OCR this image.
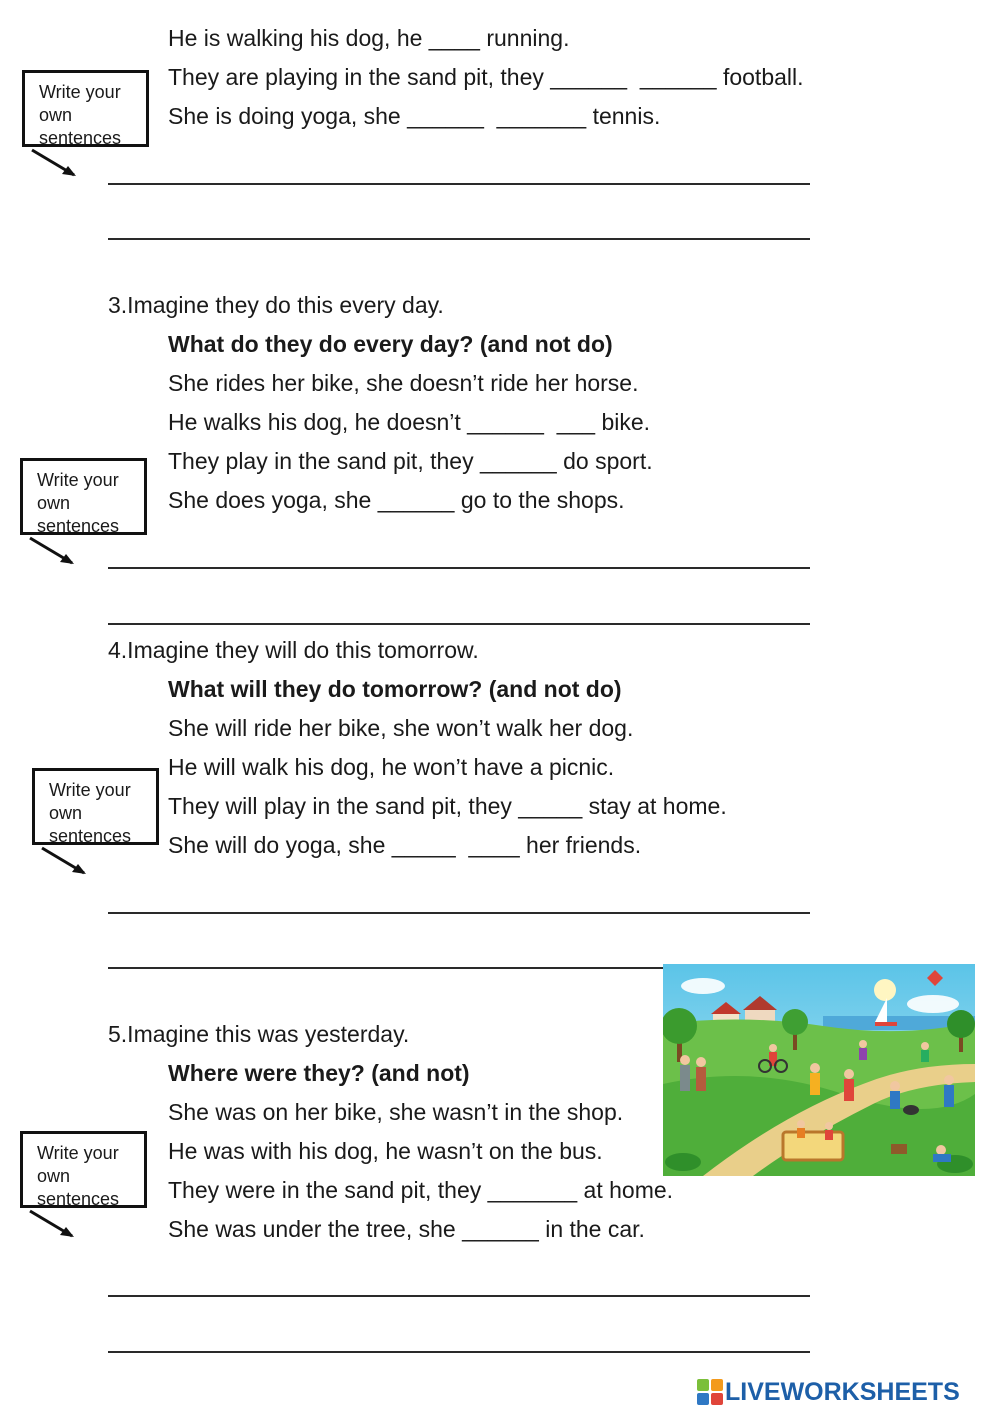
He is walking his dog, he ____ running.
They are playing in the sand pit, they ______  ______ football.
She is doing yoga, she ______  _______ tennis.
Write your
own
sentences
3.Imagine they do this every day.
What do they do every day? (and not do)
She rides her bike, she doesn’t ride her horse.
He walks his dog, he doesn’t ______  ___ bike.
They play in the sand pit, they ______ do sport.
She does yoga, she ______ go to the shops.
Write your
own
sentences
4.Imagine they will do this tomorrow.
What will they do tomorrow? (and not do)
She will ride her bike, she won’t walk her dog.
He will walk his dog, he won’t have a picnic.
They will play in the sand pit, they _____ stay at home.
She will do yoga, she _____  ____ her friends.
Write your
own
sentences
5.Imagine this was yesterday.
Where were they? (and not)
She was on her bike, she wasn’t in the shop.
He was with his dog, he wasn’t on the bus.
They were in the sand pit, they _______ at home.
She was under the tree, she ______ in the car.
Write your
own
sentences
LIVEWORKSHEETS
